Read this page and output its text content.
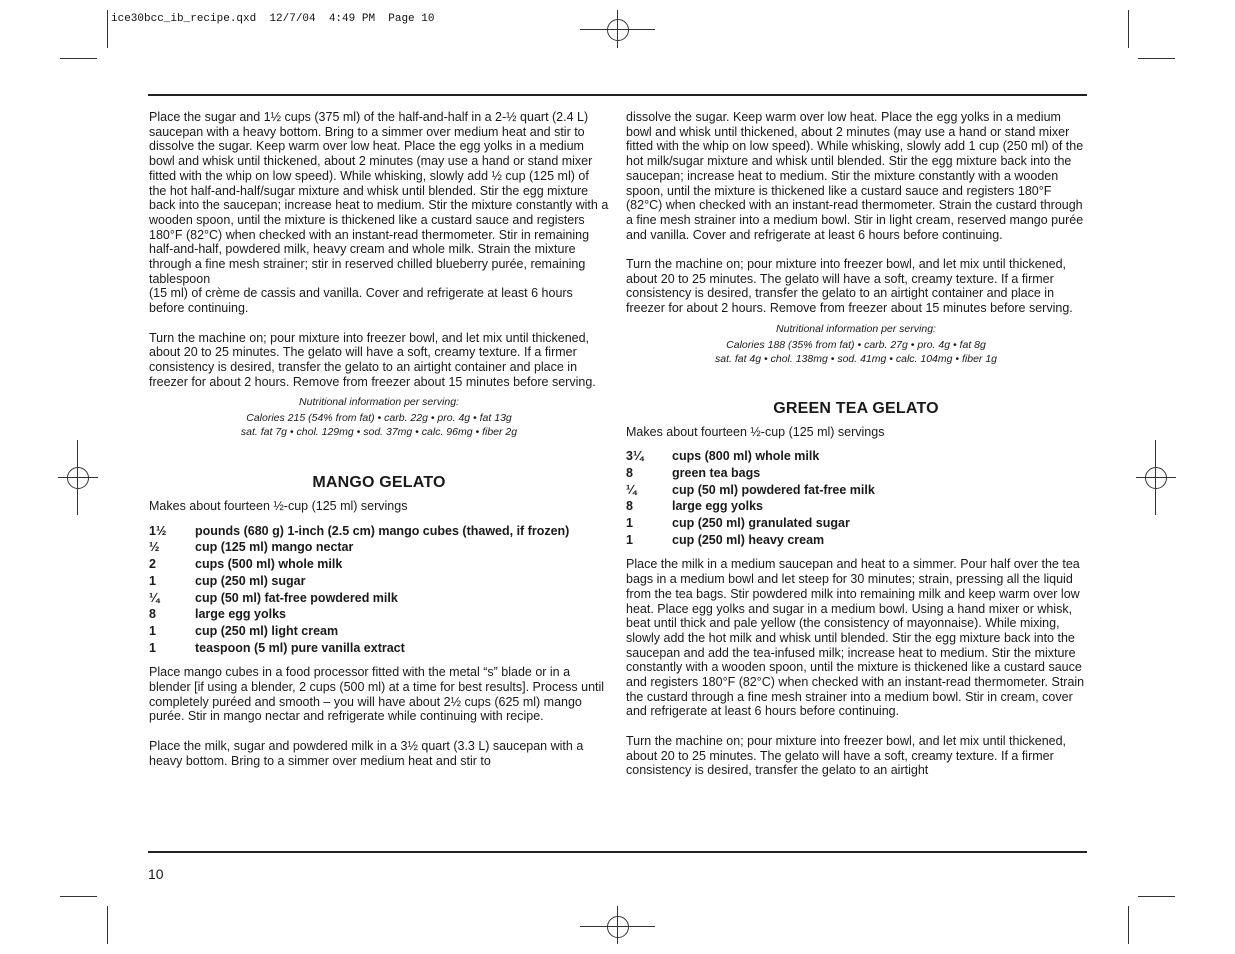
ice30bcc_ib_recipe.qxd  12/7/04  4:49 PM  Page 10

Place the sugar and 1½ cups (375 ml) of the half-and-half in a 2-½ quart (2.4 L) saucepan with a heavy bottom. Bring to a simmer over medium heat and stir to dissolve the sugar. Keep warm over low heat. Place the egg yolks in a medium bowl and whisk until thickened, about 2 minutes (may use a hand or stand mixer fitted with the whip on low speed). While whisking, slowly add ½ cup (125 ml) of the hot half-and-half/sugar mixture and whisk until blended. Stir the egg mixture back into the saucepan; increase heat to medium. Stir the mixture constantly with a wooden spoon, until the mixture is thickened like a custard sauce and registers 180°F (82°C) when checked with an instant-read thermometer. Stir in remaining half-and-half, powdered milk, heavy cream and whole milk. Strain the mixture through a fine mesh strainer; stir in reserved chilled blueberry purée, remaining tablespoon

(15 ml) of crème de cassis and vanilla. Cover and refrigerate at least 6 hours before continuing.

Turn the machine on; pour mixture into freezer bowl, and let mix until thickened, about 20 to 25 minutes. The gelato will have a soft, creamy texture. If a firmer consistency is desired, transfer the gelato to an airtight container and place in freezer for about 2 hours. Remove from freezer about 15 minutes before serving.

Nutritional information per serving:
Calories 215 (54% from fat) • carb. 22g • pro. 4g • fat 13g
sat. fat 7g • chol. 129mg • sod. 37mg • calc. 96mg • fiber 2g
MANGO GELATO

Makes about fourteen ½-cup (125 ml) servings

1½	pounds (680 g) 1-inch (2.5 cm) mango cubes (thawed, if frozen)
½	cup (125 ml) mango nectar
2	cups (500 ml) whole milk
1	cup (250 ml) sugar
¼	cup (50 ml) fat-free powdered milk
8	large egg yolks
1	cup (250 ml) light cream
1	teaspoon (5 ml) pure vanilla extract

Place mango cubes in a food processor fitted with the metal “s” blade or in a blender [if using a blender, 2 cups (500 ml) at a time for best results]. Process until completely puréed and smooth – you will have about 2½ cups (625 ml) mango purée. Stir in mango nectar and refrigerate while continuing with recipe.

Place the milk, sugar and powdered milk in a 3½ quart (3.3 L) saucepan with a heavy bottom. Bring to a simmer over medium heat and stir to

dissolve the sugar. Keep warm over low heat. Place the egg yolks in a medium bowl and whisk until thickened, about 2 minutes (may use a hand or stand mixer fitted with the whip on low speed). While whisking, slowly add 1 cup (250 ml) of the hot milk/sugar mixture and whisk until blended. Stir the egg mixture back into the saucepan; increase heat to medium. Stir the mixture constantly with a wooden spoon, until the mixture is thickened like a custard sauce and registers 180°F (82°C) when checked with an instant-read thermometer. Strain the custard through a fine mesh strainer into a medium bowl. Stir in light cream, reserved mango purée and vanilla. Cover and refrigerate at least 6 hours before continuing.

Turn the machine on; pour mixture into freezer bowl, and let mix until thickened, about 20 to 25 minutes. The gelato will have a soft, creamy texture. If a firmer consistency is desired, transfer the gelato to an airtight container and place in freezer for about 2 hours. Remove from freezer about 15 minutes before serving.

Nutritional information per serving:
Calories 188 (35% from fat) • carb. 27g • pro. 4g • fat 8g
sat. fat 4g • chol. 138mg • sod. 41mg • calc. 104mg • fiber 1g
GREEN TEA GELATO

Makes about fourteen ½-cup (125 ml) servings

3¼	cups (800 ml) whole milk
8	green tea bags
¼	cup (50 ml) powdered fat-free milk
8	large egg yolks
1	cup (250 ml) granulated sugar
1	cup (250 ml) heavy cream

Place the milk in a medium saucepan and heat to a simmer. Pour half over the tea bags in a medium bowl and let steep for 30 minutes; strain, pressing all the liquid from the tea bags. Stir powdered milk into remaining milk and keep warm over low heat. Place egg yolks and sugar in a medium bowl. Using a hand mixer or whisk, beat until thick and pale yellow (the consistency of mayonnaise). While mixing, slowly add the hot milk and whisk until blended. Stir the egg mixture back into the saucepan and add the tea-infused milk; increase heat to medium. Stir the mixture constantly with a wooden spoon, until the mixture is thickened like a custard sauce and registers 180°F (82°C) when checked with an instant-read thermometer. Strain the custard through a fine mesh strainer into a medium bowl. Stir in cream, cover and refrigerate at least 6 hours before continuing.

Turn the machine on; pour mixture into freezer bowl, and let mix until thickened, about 20 to 25 minutes. The gelato will have a soft, creamy texture. If a firmer consistency is desired, transfer the gelato to an airtight

10
